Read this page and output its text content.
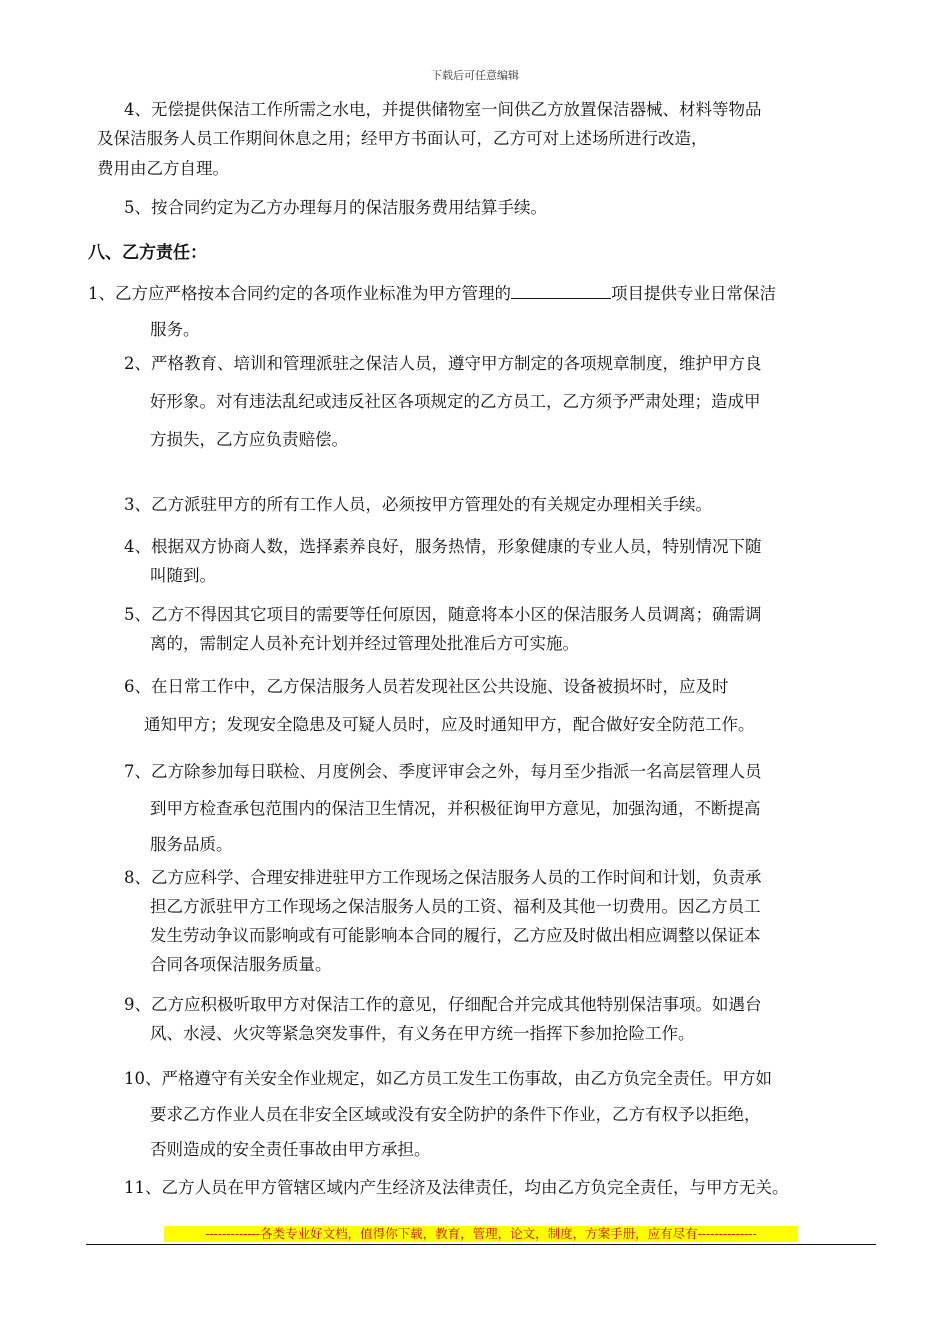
下载后可任意编辑
4、无偿提供保洁工作所需之水电，并提供储物室一间供乙方放置保洁器械、材料等物品
及保洁服务人员工作期间休息之用；经甲方书面认可，乙方可对上述场所进行改造，
费用由乙方自理。
5、按合同约定为乙方办理每月的保洁服务费用结算手续。
八、乙方责任：
1、乙方应严格按本合同约定的各项作业标准为甲方管理的	项目提供专业日常保洁
服务。
2、严格教育、培训和管理派驻之保洁人员，遵守甲方制定的各项规章制度，维护甲方良
好形象。对有违法乱纪或违反社区各项规定的乙方员工，乙方须予严肃处理；造成甲
方损失，乙方应负责赔偿。
3、乙方派驻甲方的所有工作人员，必须按甲方管理处的有关规定办理相关手续。
4、根据双方协商人数，选择素养良好，服务热情，形象健康的专业人员，特别情况下随
叫随到。
5、乙方不得因其它项目的需要等任何原因，随意将本小区的保洁服务人员调离；确需调
离的，需制定人员补充计划并经过管理处批准后方可实施。
6、在日常工作中，乙方保洁服务人员若发现社区公共设施、设备被损坏时，应及时
通知甲方；发现安全隐患及可疑人员时，应及时通知甲方，配合做好安全防范工作。
7、乙方除参加每日联检、月度例会、季度评审会之外，每月至少指派一名高层管理人员
到甲方检查承包范围内的保洁卫生情况，并积极征询甲方意见，加强沟通，不断提高
服务品质。
8、乙方应科学、合理安排进驻甲方工作现场之保洁服务人员的工作时间和计划，负责承
担乙方派驻甲方工作现场之保洁服务人员的工资、福利及其他一切费用。因乙方员工
发生劳动争议而影响或有可能影响本合同的履行，乙方应及时做出相应调整以保证本
合同各项保洁服务质量。
9、乙方应积极听取甲方对保洁工作的意见，仔细配合并完成其他特别保洁事项。如遇台
风、水浸、火灾等紧急突发事件，有义务在甲方统一指挥下参加抢险工作。
10、严格遵守有关安全作业规定，如乙方员工发生工伤事故，由乙方负完全责任。甲方如
要求乙方作业人员在非安全区域或没有安全防护的条件下作业，乙方有权予以拒绝，
否则造成的安全责任事故由甲方承担。
11、乙方人员在甲方管辖区域内产生经济及法律责任，均由乙方负完全责任，与甲方无关。
-------------各类专业好文档，值得你下载，教育，管理，论文，制度，方案手册，应有尽有--------------
